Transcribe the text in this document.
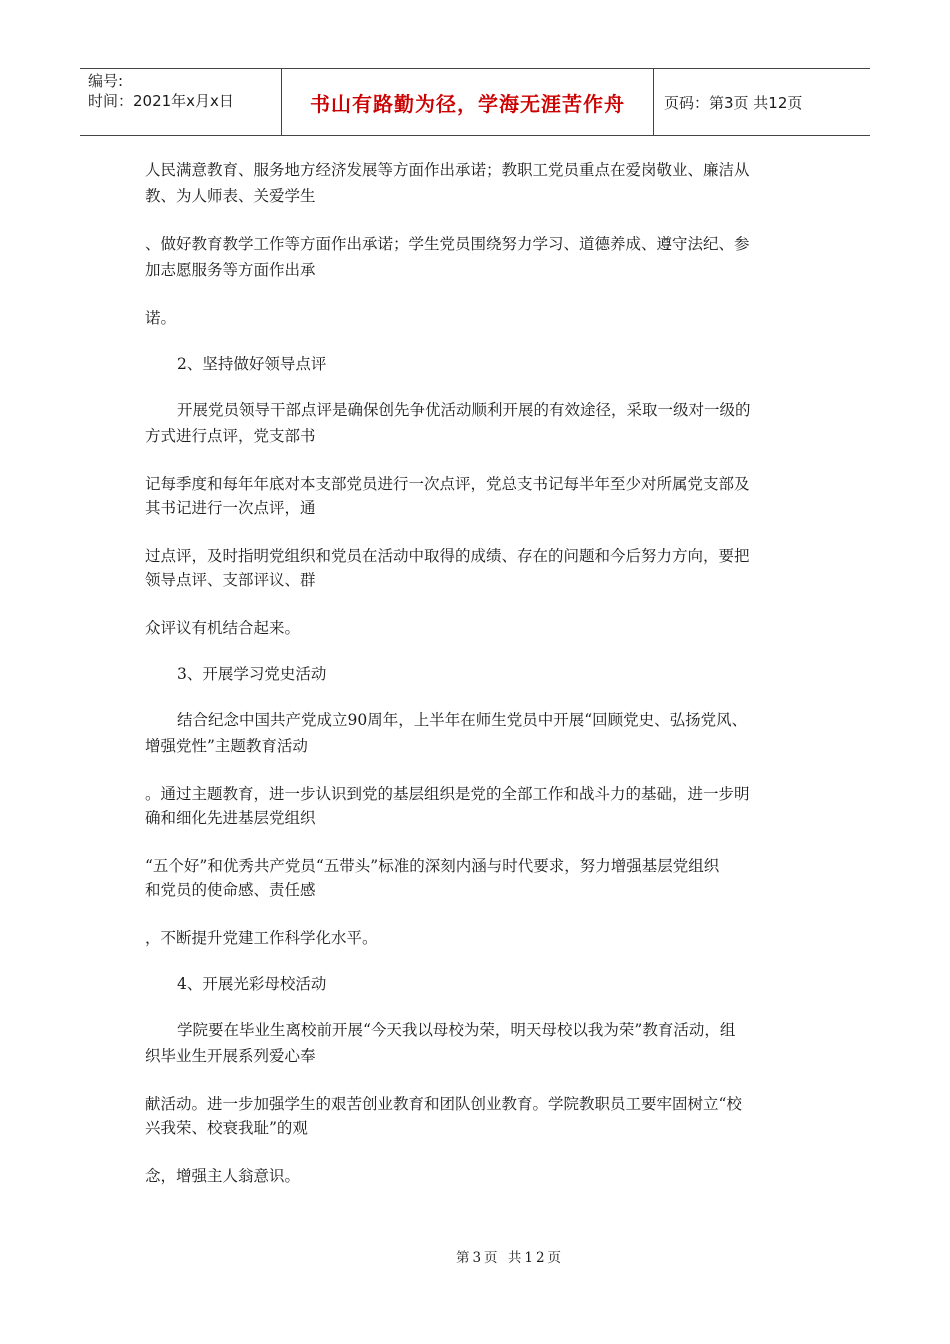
编号:
时间：2021年x月x日	书山有路勤为径，学海无涯苦作舟	页码：第3页 共12页
人民满意教育、服务地方经济发展等方面作出承诺；教职工党员重点在爱岗敬业、廉洁从
教、为人师表、关爱学生
、做好教育教学工作等方面作出承诺；学生党员围绕努力学习、道德养成、遵守法纪、参
加志愿服务等方面作出承
诺。
2、坚持做好领导点评
开展党员领导干部点评是确保创先争优活动顺利开展的有效途径，采取一级对一级的
方式进行点评，党支部书
记每季度和每年年底对本支部党员进行一次点评，党总支书记每半年至少对所属党支部及
其书记进行一次点评，通
过点评，及时指明党组织和党员在活动中取得的成绩、存在的问题和今后努力方向，要把
领导点评、支部评议、群
众评议有机结合起来。
3、开展学习党史活动
结合纪念中国共产党成立90周年，上半年在师生党员中开展“回顾党史、弘扬党风、
增强党性”主题教育活动
。通过主题教育，进一步认识到党的基层组织是党的全部工作和战斗力的基础，进一步明
确和细化先进基层党组织
“五个好”和优秀共产党员“五带头”标准的深刻内涵与时代要求，努力增强基层党组织
和党员的使命感、责任感
，不断提升党建工作科学化水平。
4、开展光彩母校活动
学院要在毕业生离校前开展“今天我以母校为荣，明天母校以我为荣”教育活动，组
织毕业生开展系列爱心奉
献活动。进一步加强学生的艰苦创业教育和团队创业教育。学院教职员工要牢固树立“校
兴我荣、校衰我耻”的观
念，增强主人翁意识。
第3页 共12页
